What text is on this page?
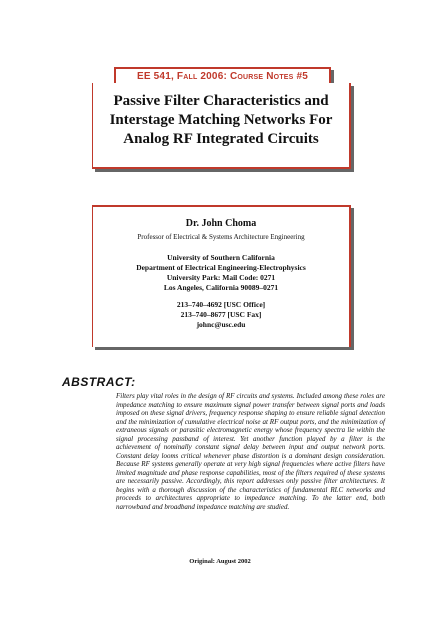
EE 541, Fall 2006: Course Notes #5
Passive Filter Characteristics and
Interstage Matching Networks For
Analog RF Integrated Circuits
Dr. John Choma
Professor of Electrical & Systems Architecture Engineering
University of Southern California
Department of Electrical Engineering-Electrophysics
University Park: Mail Code: 0271
Los Angeles, California 90089–0271
213–740–4692 [USC Office]
213–740–8677 [USC Fax]
johnc@usc.edu
ABSTRACT:
Filters play vital roles in the design of RF circuits and systems. Included among these roles are impedance matching to ensure maximum signal power transfer between signal ports and loads imposed on these signal drivers, frequency response shaping to ensure reliable signal detection and the minimization of cumulative electrical noise at RF output ports, and the minimization of extraneous signals or parasitic electromagnetic energy whose frequency spectra lie within the signal processing passband of interest. Yet another function played by a filter is the achievement of nominally constant signal delay between input and output network ports. Constant delay looms critical whenever phase distortion is a dominant design consideration. Because RF systems generally operate at very high signal frequencies where active filters have limited magnitude and phase response capabilities, most of the filters required of these systems are necessarily passive. Accordingly, this report addresses only passive filter architectures. It begins with a thorough discussion of the characteristics of fundamental RLC networks and proceeds to architectures appropriate to impedance matching. To the latter end, both narrowband and broadband impedance matching are studied.
Original: August 2002
